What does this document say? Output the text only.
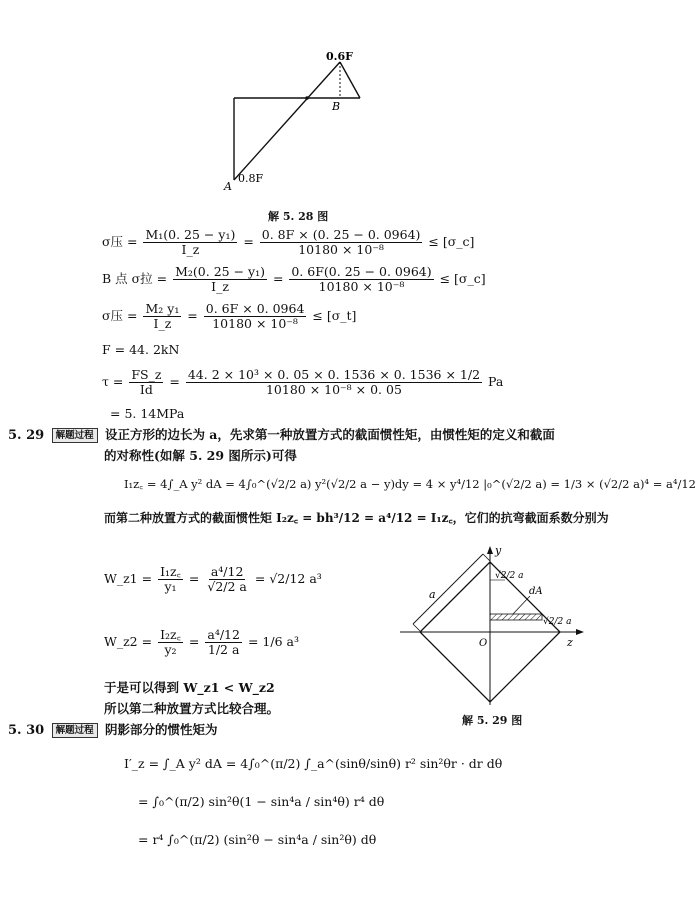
0.6F
B
0.8F
A
解 5. 28 图
σ压 = $\frac{\text{M₁(0. 25 − y₁)}}{I\_z} = \frac{0. 8F \times (0. 25 - 0. 0964)}{\text{10180 × 10⁻⁸}}$ ≤ [σ_c]
B 点 σ拉 = $\frac{\text{M₂(0. 25 − y₁)}}{I\_z} = \frac{0. 6F(0. 25 - 0. 0964)}{\text{10180 × 10⁻⁸}}$ ≤ [σ_c]
σ压 = $\frac{\text{M₂ y₁}}{I\_z} = \frac{0. 6F \times 0. 0964}{\text{10180 × 10⁻⁸}}$ ≤ [σ_t]
F = 44. 2kN
$\tau = \frac{FS\_z}{Id} = \frac{\text{44. 2 × 10³ × 0. 05 × 0. 1536 × 0. 1536 × 1/2}}{\text{10180 × 10⁻⁸ × 0. 05}}$ Pa
= 5. 14MPa
5. 29 解题过程 设正方形的边长为 a，先求第一种放置方式的截面惯性矩，由惯性矩的定义和截面
的对称性(如解 5. 29 图所示)可得
I₁z꜀ = 4∫_A y² dA = 4∫₀^(√2/2 a) y²(√2/2 a − y)dy = 4 × y⁴/12 |₀^(√2/2 a) = 1/3 × (√2/2 a)⁴ = a⁴/12
而第二种放置方式的截面惯性矩 I₂z꜀ = bh³/12 = a⁴/12 = I₁z꜀，它们的抗弯截面系数分别为
W_z1 = $\frac{\text{I₁z꜀}}{\text{y₁}} = \frac{\text{a⁴/12}}{√2/2 a} = √2/12$ a³
W_z2 = $\frac{\text{I₂z꜀}}{\text{y₂}} = \frac{\text{a⁴/12}}{1/2 a} = 1/6$ a³
于是可以得到 W_z1 < W_z2
所以第二种放置方式比较合理。
a
y
z
O
dA
√2/2 a
√2/2 a
解 5. 29 图
5. 30 解题过程 阴影部分的惯性矩为
I′_z = ∫_A y² dA = 4∫₀^(π/2) ∫_a^(sinθ/sinθ) r² sin²θr · dr dθ
= ∫₀^(π/2) sin²θ(1 − sin⁴a / sin⁴θ) r⁴ dθ
= r⁴ ∫₀^(π/2) (sin²θ − sin⁴a / sin²θ) dθ
